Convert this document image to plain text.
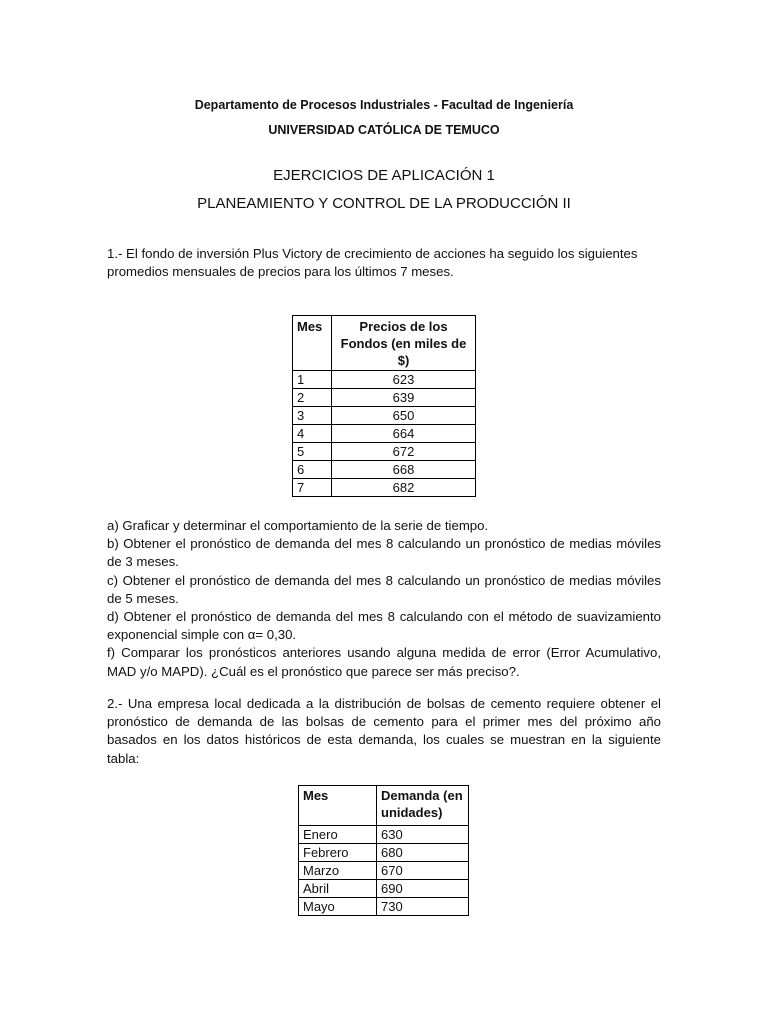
Departamento de Procesos Industriales - Facultad de Ingeniería
UNIVERSIDAD CATÓLICA DE TEMUCO
EJERCICIOS DE APLICACIÓN 1
PLANEAMIENTO Y CONTROL DE LA PRODUCCIÓN II

1.- El fondo de inversión Plus Victory de crecimiento de acciones ha seguido los siguientes promedios mensuales de precios para los últimos 7 meses.

Mes	Precios de los Fondos (en miles de $)
1	623
2	639
3	650
4	664
5	672
6	668
7	682

a) Graficar y determinar el comportamiento de la serie de tiempo.

b) Obtener el pronóstico de demanda del mes 8 calculando un pronóstico de medias móviles de 3 meses.

c) Obtener el pronóstico de demanda del mes 8 calculando un pronóstico de medias móviles de 5 meses.

d) Obtener el pronóstico de demanda del mes 8 calculando con el método de suavizamiento exponencial simple con α= 0,30.

f) Comparar los pronósticos anteriores usando alguna medida de error (Error Acumulativo, MAD y/o MAPD). ¿Cuál es el pronóstico que parece ser más preciso?.

2.- Una empresa local dedicada a la distribución de bolsas de cemento requiere obtener el pronóstico de demanda de las bolsas de cemento para el primer mes del próximo año basados en los datos históricos de esta demanda, los cuales se muestran en la siguiente tabla:

Mes	Demanda (en unidades)
Enero	630
Febrero	680
Marzo	670
Abril	690
Mayo	730
